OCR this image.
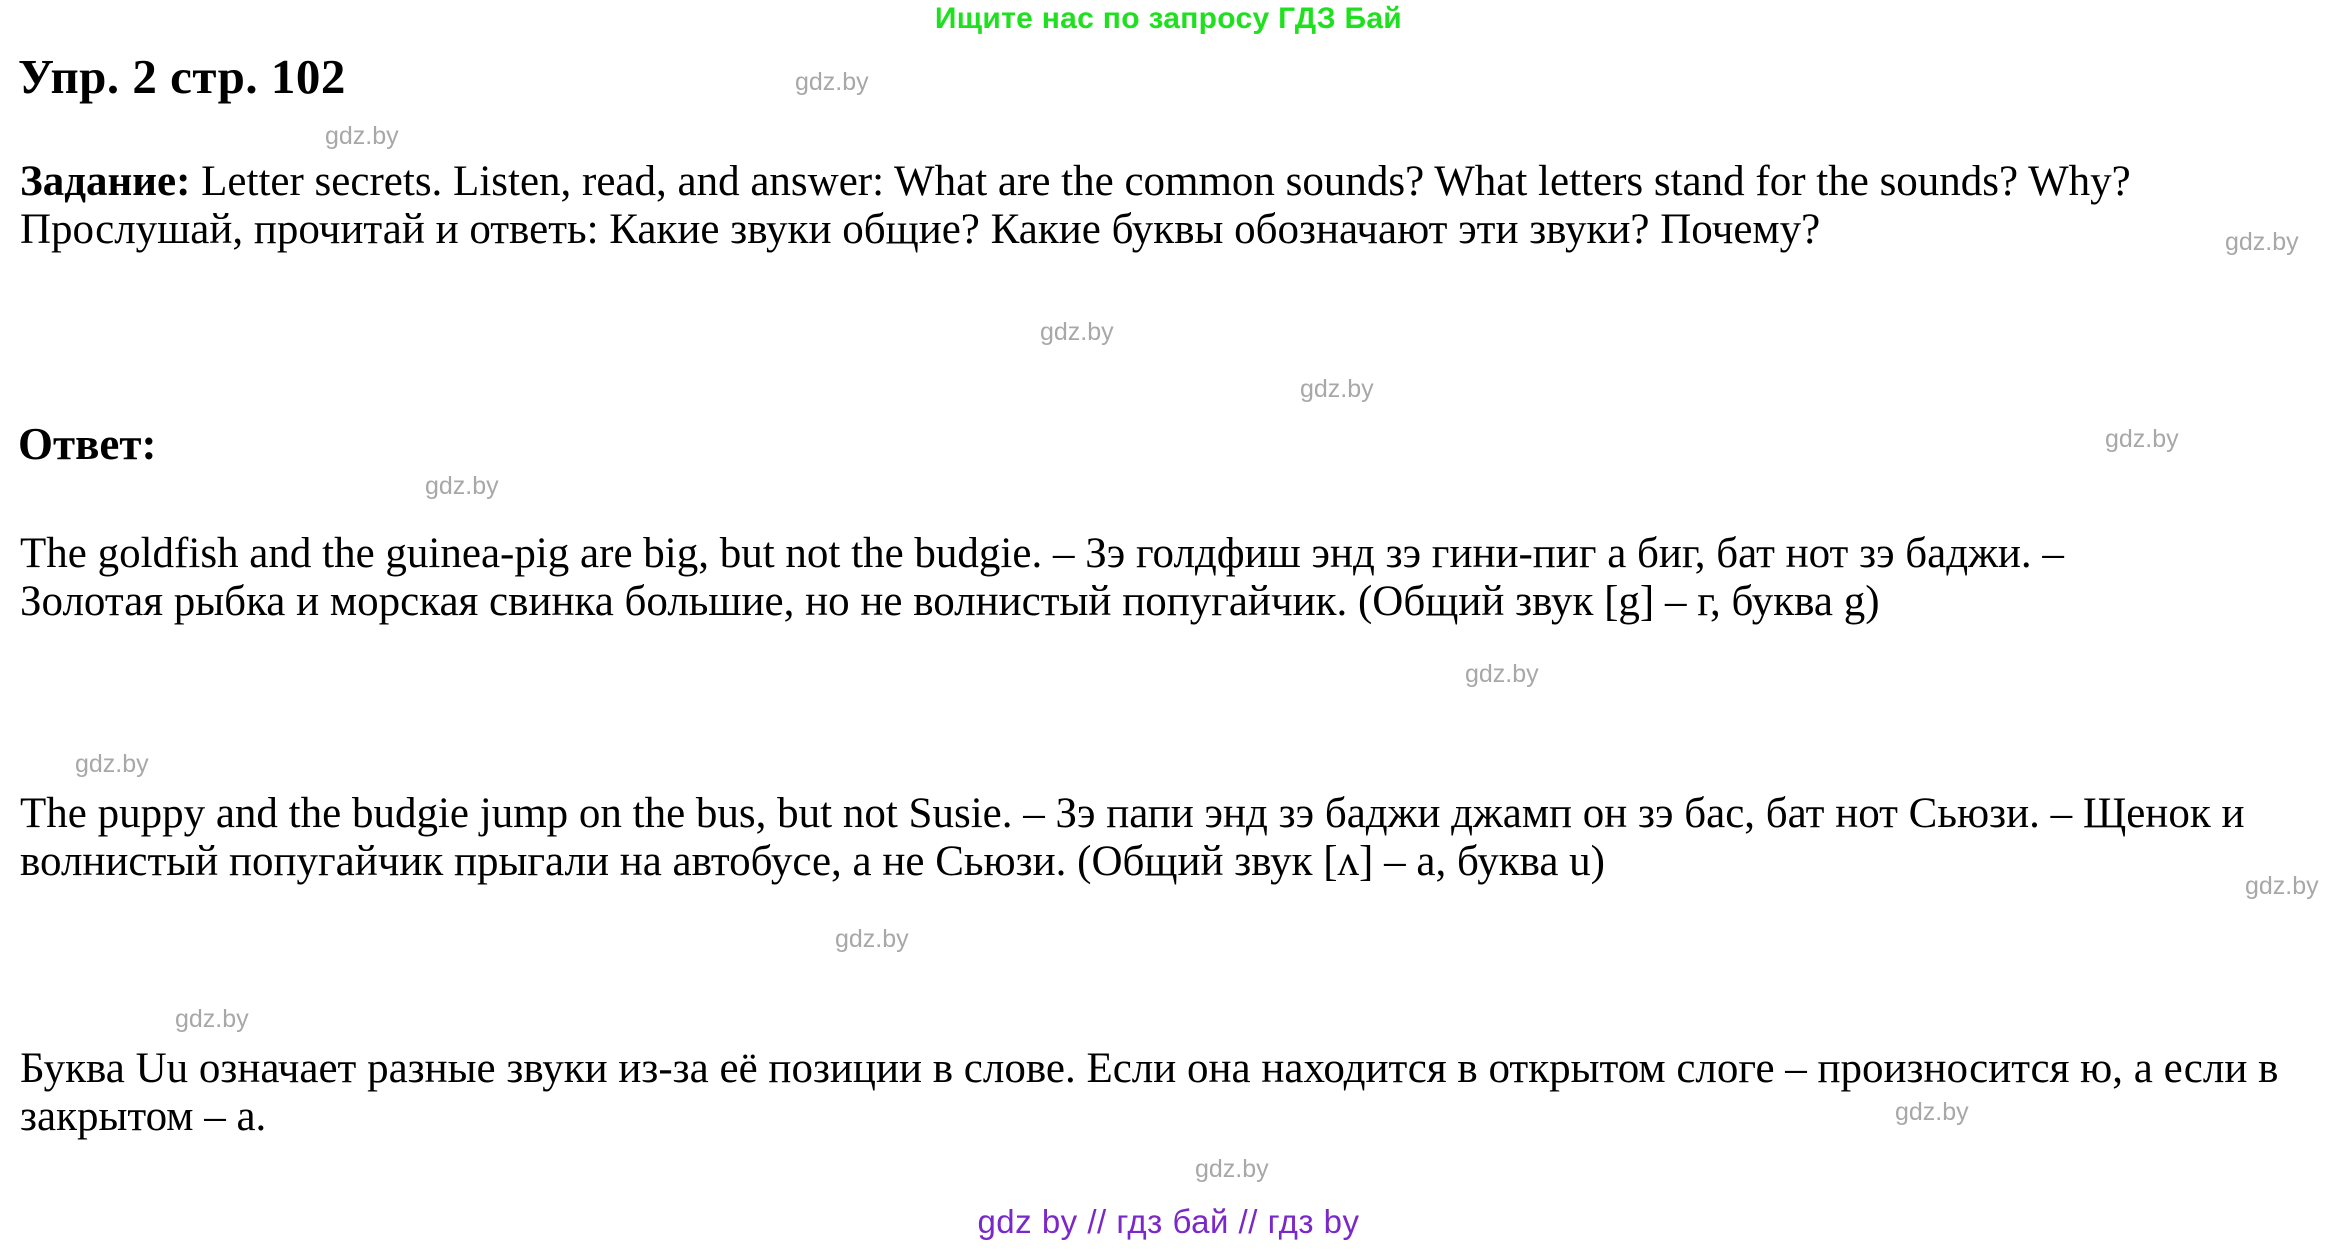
Ищите нас по запросу ГДЗ Бай
Упр. 2 стр. 102
Задание: Letter secrets. Listen, read, and answer: What are the common sounds? What letters stand for the sounds? Why? Прослушай, прочитай и ответь: Какие звуки общие? Какие буквы обозначают эти звуки? Почему?
Ответ:
The goldfish and the guinea-pig are big, but not the budgie. – Зэ голдфиш энд зэ гини-пиг а биг, бат нот зэ баджи. – Золотая рыбка и морская свинка большие, но не волнистый попугайчик. (Общий звук [g] – г, буква g)
The puppy and the budgie jump on the bus, but not Susie. – Зэ папи энд зэ баджи джамп он зэ бас, бат нот Сьюзи. – Щенок и волнистый попугайчик прыгали на автобусе, а не Сьюзи. (Общий звук [ʌ] – а, буква u)
Буква Uu означает разные звуки из-за её позиции в слове. Если она находится в открытом слоге – произносится ю, а если в закрытом – а.
gdz by // гдз бай // гдз by
gdz.by
gdz.by
gdz.by
gdz.by
gdz.by
gdz.by
gdz.by
gdz.by
gdz.by
gdz.by
gdz.by
gdz.by
gdz.by
gdz.by
